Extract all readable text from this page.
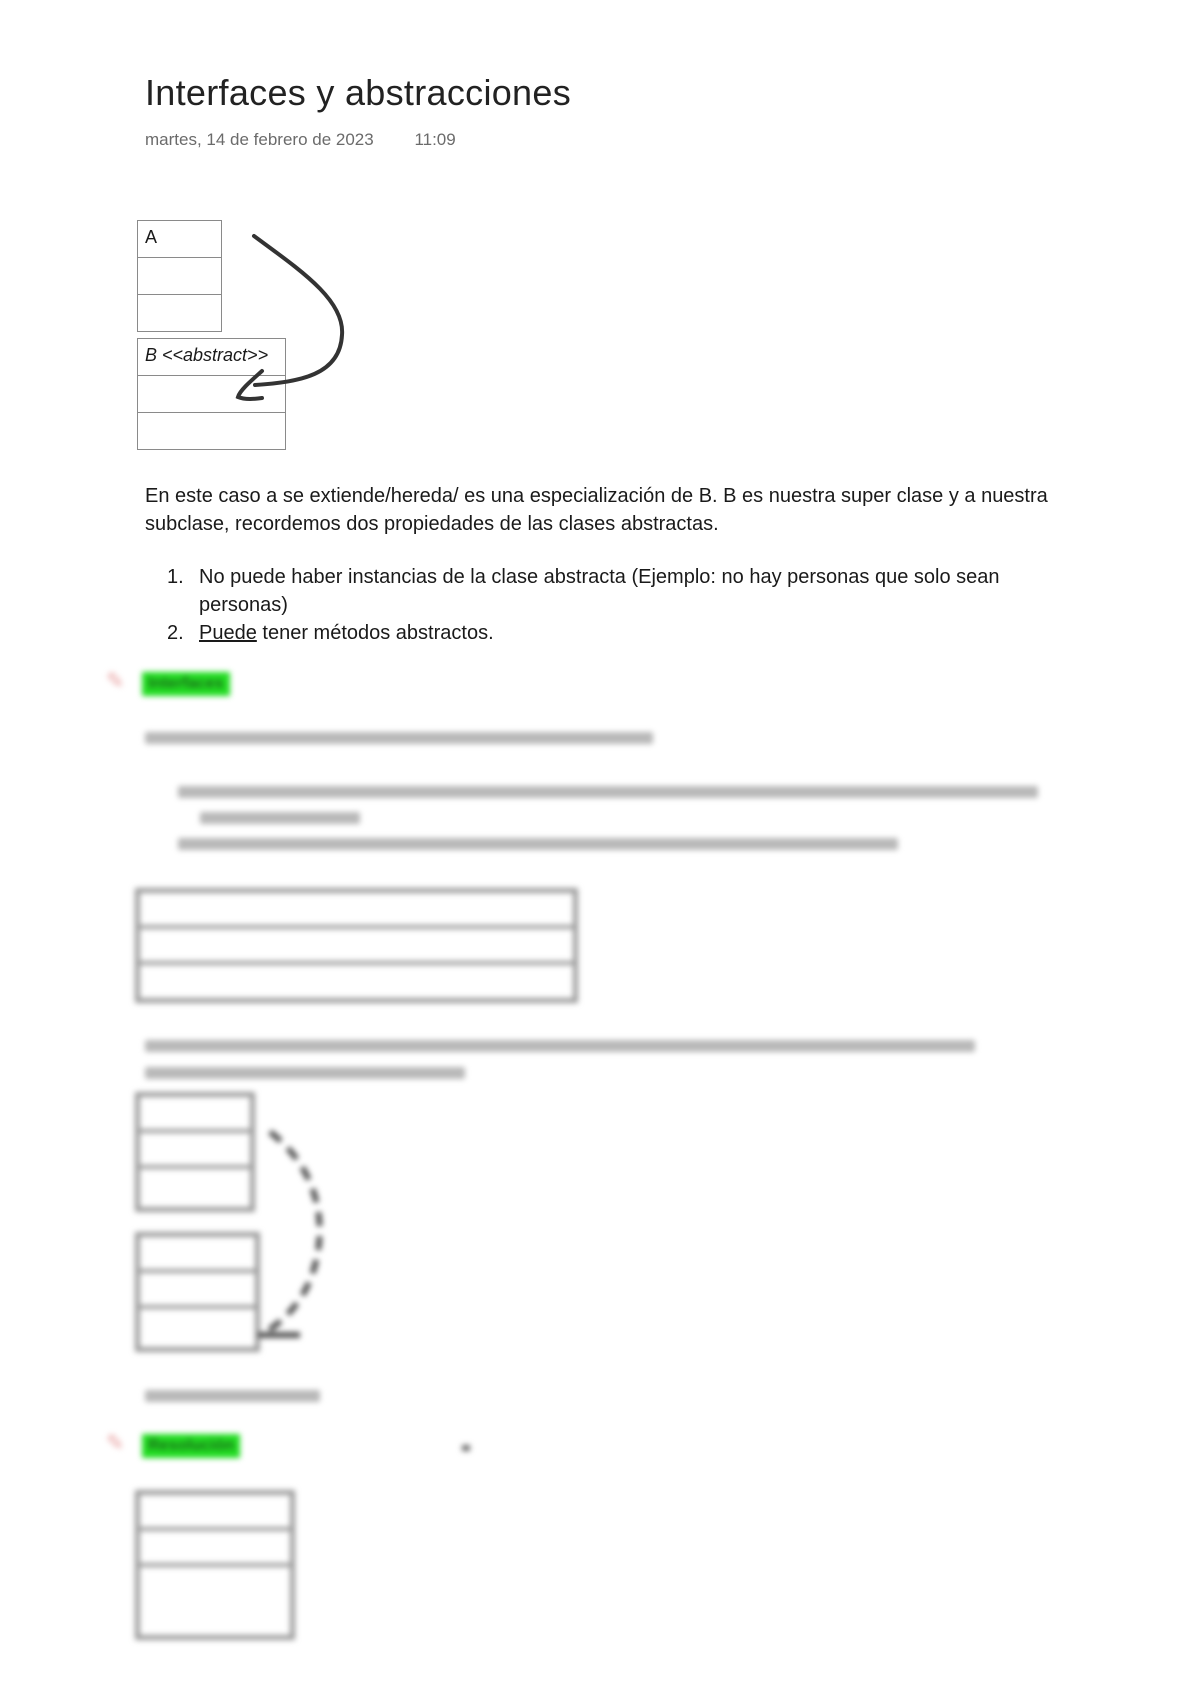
Interfaces y abstracciones
martes, 14 de febrero de 2023 11:09
A
B <<abstract>>
En este caso a se extiende/hereda/ es una especialización de B. B es nuestra super clase y a nuestra subclase, recordemos dos propiedades de las clases abstractas.
1. No puede haber instancias de la clase abstracta (Ejemplo: no hay personas que solo sean personas)
2. Puede tener métodos abstractos.
✎	Interfaces
✎	Resolución
